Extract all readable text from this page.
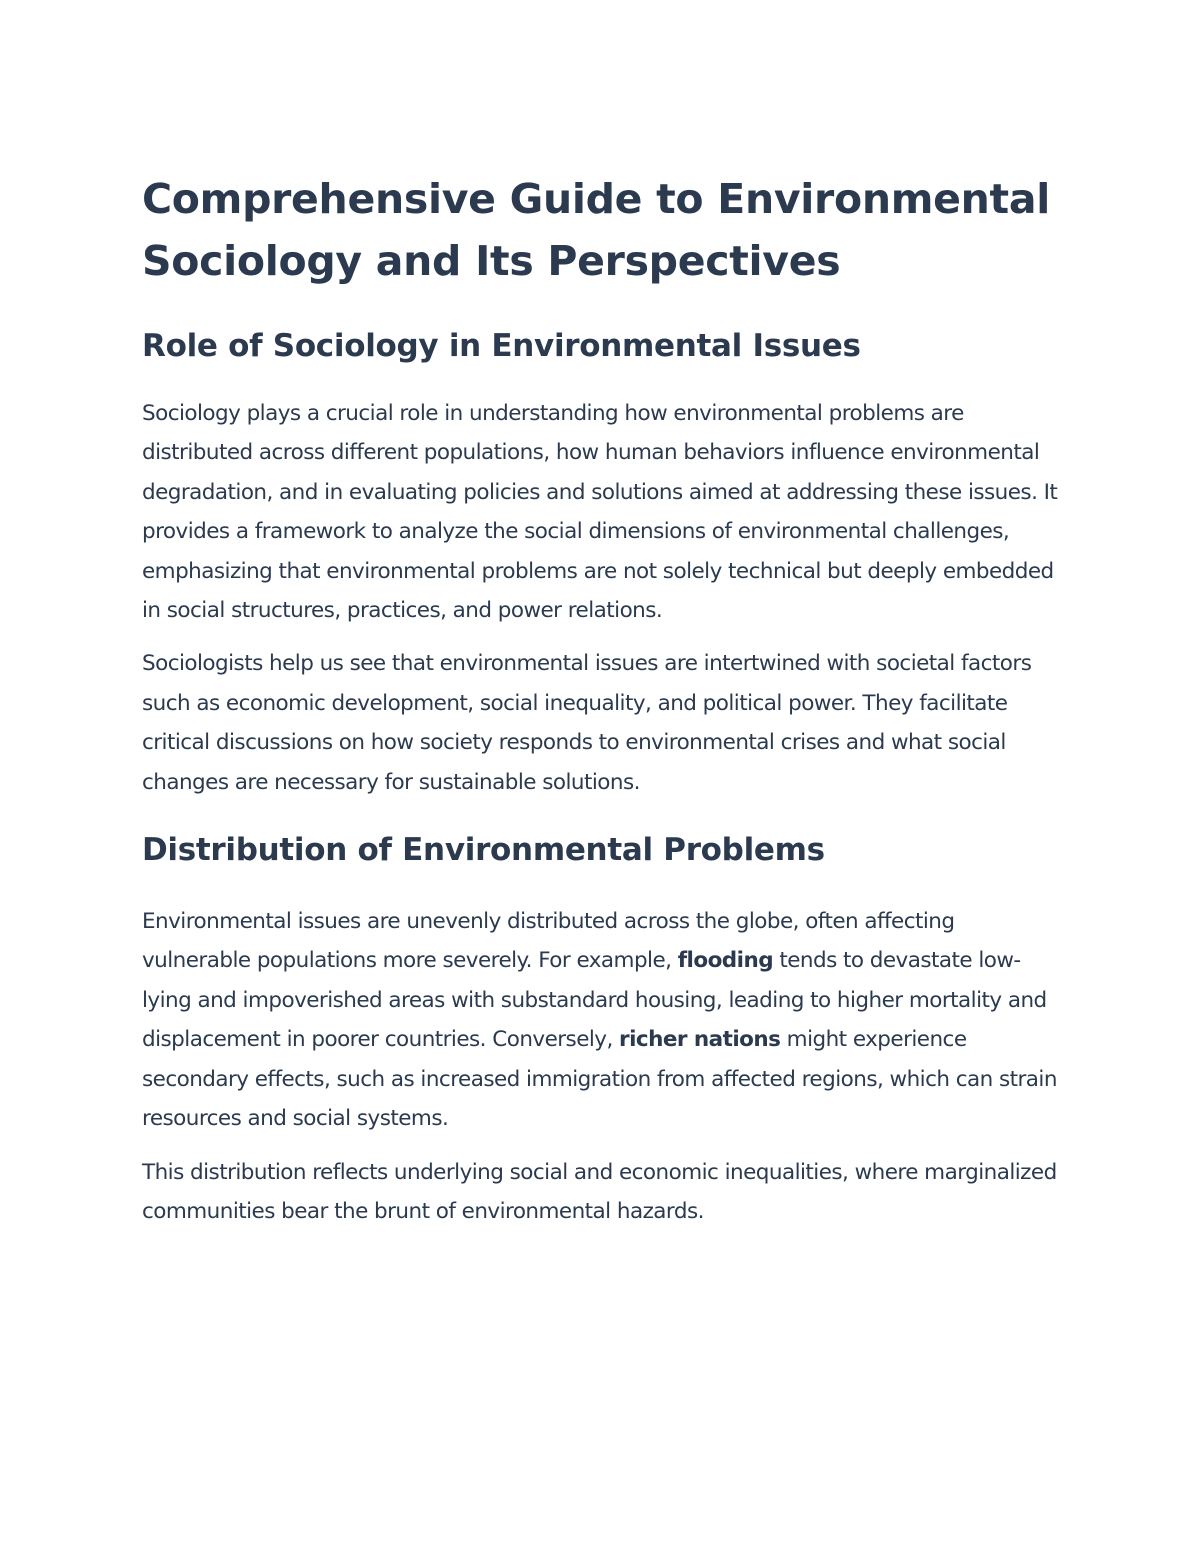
Comprehensive Guide to Environmental Sociology and Its Perspectives
Role of Sociology in Environmental Issues

Sociology plays a crucial role in understanding how environmental problems are distributed across different populations, how human behaviors influence environmental degradation, and in evaluating policies and solutions aimed at addressing these issues. It provides a framework to analyze the social dimensions of environmental challenges, emphasizing that environmental problems are not solely technical but deeply embedded in social structures, practices, and power relations.

Sociologists help us see that environmental issues are intertwined with societal factors such as economic development, social inequality, and political power. They facilitate critical discussions on how society responds to environmental crises and what social changes are necessary for sustainable solutions.

Distribution of Environmental Problems

Environmental issues are unevenly distributed across the globe, often affecting vulnerable populations more severely. For example, flooding tends to devastate low-lying and impoverished areas with substandard housing, leading to higher mortality and displacement in poorer countries. Conversely, richer nations might experience secondary effects, such as increased immigration from affected regions, which can strain resources and social systems.

This distribution reflects underlying social and economic inequalities, where marginalized communities bear the brunt of environmental hazards.
